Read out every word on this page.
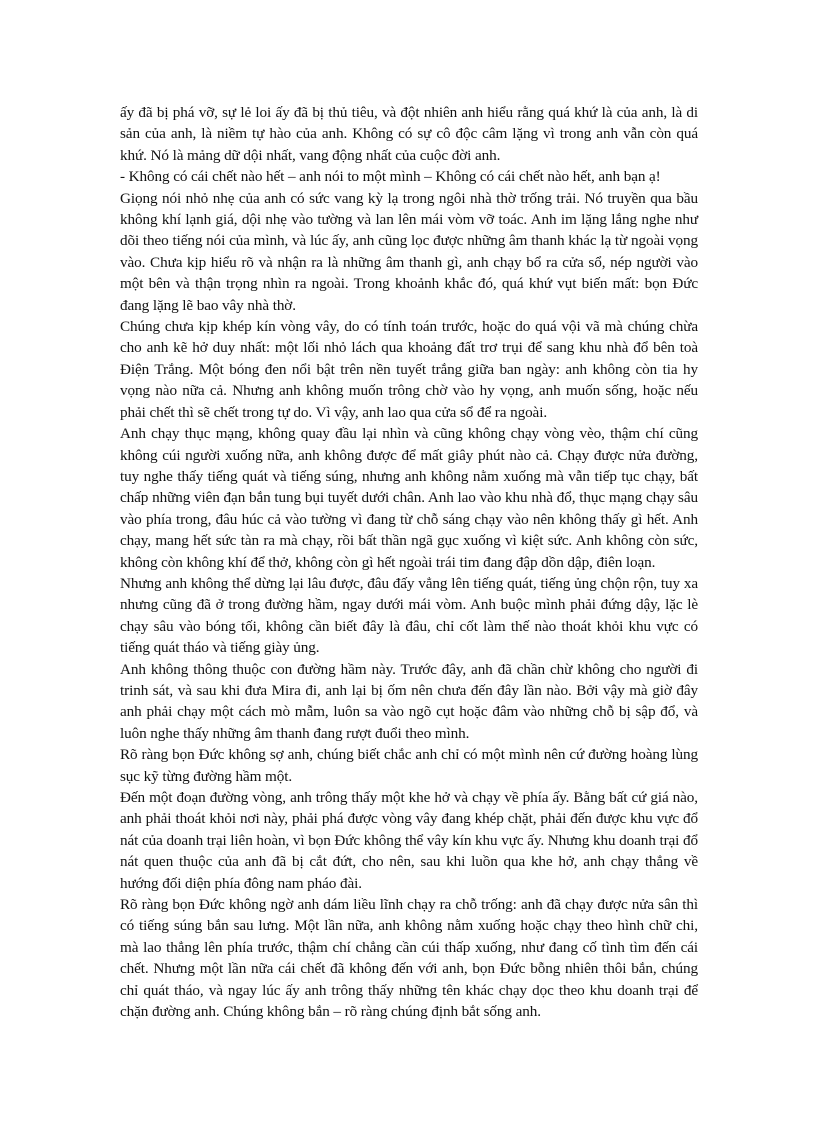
ấy đã bị phá vỡ, sự lẻ loi ấy đã bị thủ tiêu, và đột nhiên anh hiểu rằng quá khứ là của anh, là di sản của anh, là niềm tự hào của anh. Không có sự cô độc câm lặng vì trong anh vẫn còn quá khứ. Nó là mảng dữ dội nhất, vang động nhất của cuộc đời anh.

- Không có cái chết nào hết – anh nói to một mình – Không có cái chết nào hết, anh bạn ạ!

Giọng nói nhỏ nhẹ của anh có sức vang kỳ lạ trong ngôi nhà thờ trống trải. Nó truyền qua bầu không khí lạnh giá, dội nhẹ vào tường và lan lên mái vòm vỡ toác. Anh im lặng lắng nghe như dõi theo tiếng nói của mình, và lúc ấy, anh cũng lọc được những âm thanh khác lạ từ ngoài vọng vào. Chưa kịp hiểu rõ và nhận ra là những âm thanh gì, anh chạy bổ ra cửa sổ, nép người vào một bên và thận trọng nhìn ra ngoài. Trong khoảnh khắc đó, quá khứ vụt biến mất: bọn Đức đang lặng lẽ bao vây nhà thờ.

Chúng chưa kịp khép kín vòng vây, do có tính toán trước, hoặc do quá vội vã mà chúng chừa cho anh kẽ hở duy nhất: một lối nhỏ lách qua khoảng đất trơ trụi để sang khu nhà đổ bên toà Điện Trắng. Một bóng đen nổi bật trên nền tuyết trắng giữa ban ngày: anh không còn tia hy vọng nào nữa cả. Nhưng anh không muốn trông chờ vào hy vọng, anh muốn sống, hoặc nếu phải chết thì sẽ chết trong tự do. Vì vậy, anh lao qua cửa sổ để ra ngoài.

Anh chạy thục mạng, không quay đầu lại nhìn và cũng không chạy vòng vèo, thậm chí cũng không cúi người xuống nữa, anh không được để mất giây phút nào cả. Chạy được nửa đường, tuy nghe thấy tiếng quát và tiếng súng, nhưng anh không nằm xuống mà vẫn tiếp tục chạy, bất chấp những viên đạn bắn tung bụi tuyết dưới chân. Anh lao vào khu nhà đổ, thục mạng chạy sâu vào phía trong, đâu húc cả vào tường vì đang từ chỗ sáng chạy vào nên không thấy gì hết. Anh chạy, mang hết sức tàn ra mà chạy, rồi bất thần ngã gục xuống vì kiệt sức. Anh không còn sức, không còn không khí để thở, không còn gì hết ngoài trái tim đang đập dồn dập, điên loạn.

Nhưng anh không thể dừng lại lâu được, đâu đấy vẳng lên tiếng quát, tiếng ủng chộn rộn, tuy xa nhưng cũng đã ở trong đường hầm, ngay dưới mái vòm. Anh buộc mình phải đứng dậy, lặc lè chạy sâu vào bóng tối, không cần biết đây là đâu, chỉ cốt làm thế nào thoát khỏi khu vực có tiếng quát tháo và tiếng giày ủng.

Anh không thông thuộc con đường hầm này. Trước đây, anh đã chần chừ không cho người đi trinh sát, và sau khi đưa Mira đi, anh lại bị ốm nên chưa đến đây lần nào. Bởi vậy mà giờ đây anh phải chạy một cách mò mẫm, luôn sa vào ngõ cụt hoặc đâm vào những chỗ bị sập đổ, và luôn nghe thấy những âm thanh đang rượt đuổi theo mình.

Rõ ràng bọn Đức không sợ anh, chúng biết chắc anh chỉ có một mình nên cứ đường hoàng lùng sục kỹ từng đường hầm một.

Đến một đoạn đường vòng, anh trông thấy một khe hở và chạy về phía ấy. Bằng bất cứ giá nào, anh phải thoát khỏi nơi này, phải phá được vòng vây đang khép chặt, phải đến được khu vực đổ nát của doanh trại liên hoàn, vì bọn Đức không thể vây kín khu vực ấy. Nhưng khu doanh trại đổ nát quen thuộc của anh đã bị cắt đứt, cho nên, sau khi luồn qua khe hở, anh chạy thẳng về hướng đối diện phía đông nam pháo đài.

Rõ ràng bọn Đức không ngờ anh dám liều lĩnh chạy ra chỗ trống: anh đã chạy được nửa sân thì có tiếng súng bắn sau lưng. Một lần nữa, anh không nằm xuống hoặc chạy theo hình chữ chi, mà lao thẳng lên phía trước, thậm chí chẳng cần cúi thấp xuống, như đang cố tình tìm đến cái chết. Nhưng một lần nữa cái chết đã không đến với anh, bọn Đức bỗng nhiên thôi bắn, chúng chỉ quát tháo, và ngay lúc ấy anh trông thấy những tên khác chạy dọc theo khu doanh trại để chặn đường anh. Chúng không bắn – rõ ràng chúng định bắt sống anh.
